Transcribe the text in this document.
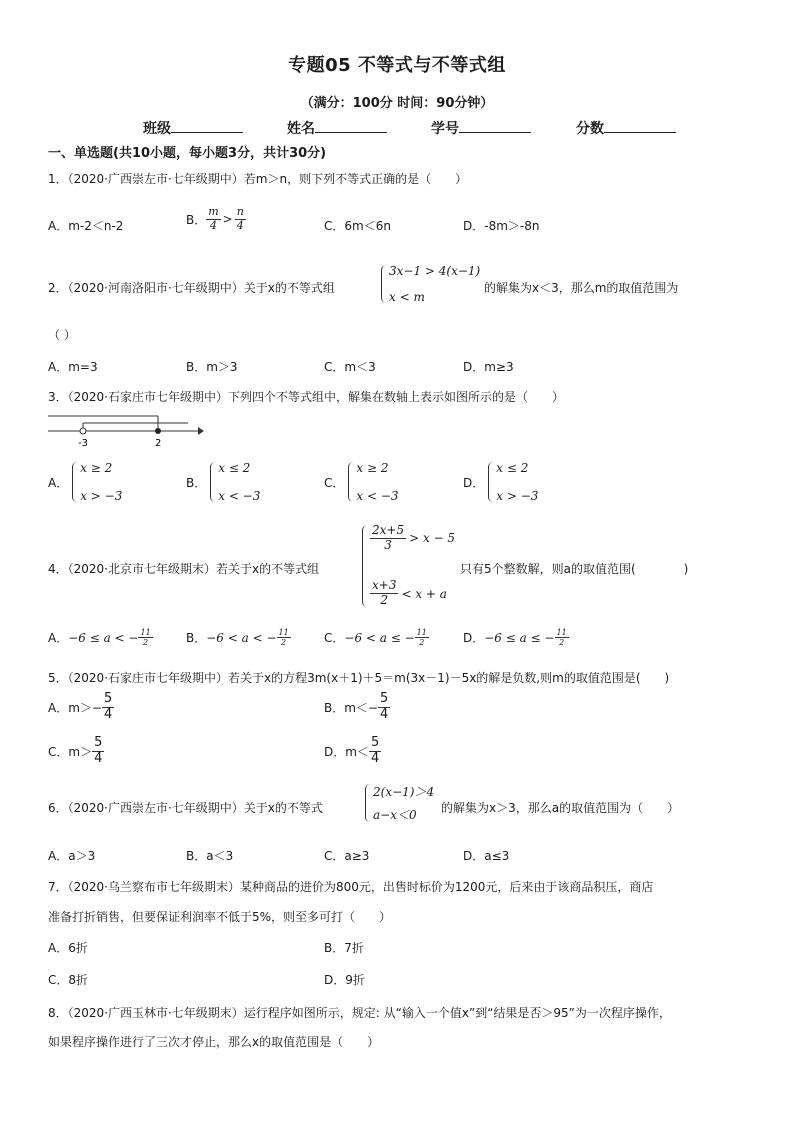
专题05 不等式与不等式组
（满分：100分 时间：90分钟）
班级	姓名	学号	分数
一、单选题(共10小题，每小题3分，共计30分)
1．（2020·广西崇左市·七年级期中）若m＞n，则下列不等式正确的是（　　）
A．m-2＜n-2	B． $\frac{m}{4} > \frac{n}{4}$	C．6m＜6n	D．-8m＞-8n
2．（2020·河南洛阳市·七年级期中）关于x的不等式组
3x−1 > 4(x−1)
x < m
的解集为x＜3，那么m的取值范围为
（ ）
A．m=3	B．m＞3	C．m＜3	D．m≥3
3．（2020·石家庄市七年级期中）下列四个不等式组中，解集在数轴上表示如图所示的是（　　）
-3	2
A．
x ≥ 2
x > −3
B．
x ≤ 2
x < −3
C．
x ≥ 2
x < −3
D．
x ≤ 2
x > −3
4．（2020·北京市七年级期末）若关于x的不等式组
$\frac{2x+5}{3} > x - 5$
$\frac{x+3}{2} < x + a$
只有5个整数解，则a的取值范围(　　　　)
A． −6 ≤ a < − $\frac{11}{2}$	B． −6 < a < − $\frac{11}{2}$	C． −6 < a ≤ − $\frac{11}{2}$	D． −6 ≤ a ≤ − $\frac{11}{2}$
5．（2020·石家庄市七年级期中）若关于x的方程3m(x＋1)＋5＝m(3x－1)－5x的解是负数,则m的取值范围是(　　)
A．$m>- \frac{5}{4}$	B．$m<- \frac{5}{4}$
C．$m> \frac{5}{4}$	D．$m< \frac{5}{4}$
6．（2020·广西崇左市·七年级期中）关于x的不等式
2(x−1)＞4
a−x＜0	的解集为x＞3，那么a的取值范围为（　　）
A．a＞3	B．a＜3	C．a≥3	D．a≤3
7．（2020·乌兰察布市七年级期末）某种商品的进价为800元，出售时标价为1200元，后来由于该商品积压，商店
准备打折销售，但要保证利润率不低于5%，则至多可打（　　）
A．6折	B．7折
C．8折	D．9折
8．（2020·广西玉林市·七年级期末）运行程序如图所示，规定: 从“输入一个值x”到“结果是否＞95”为一次程序操作，
如果程序操作进行了三次才停止，那么x的取值范围是（　　）
